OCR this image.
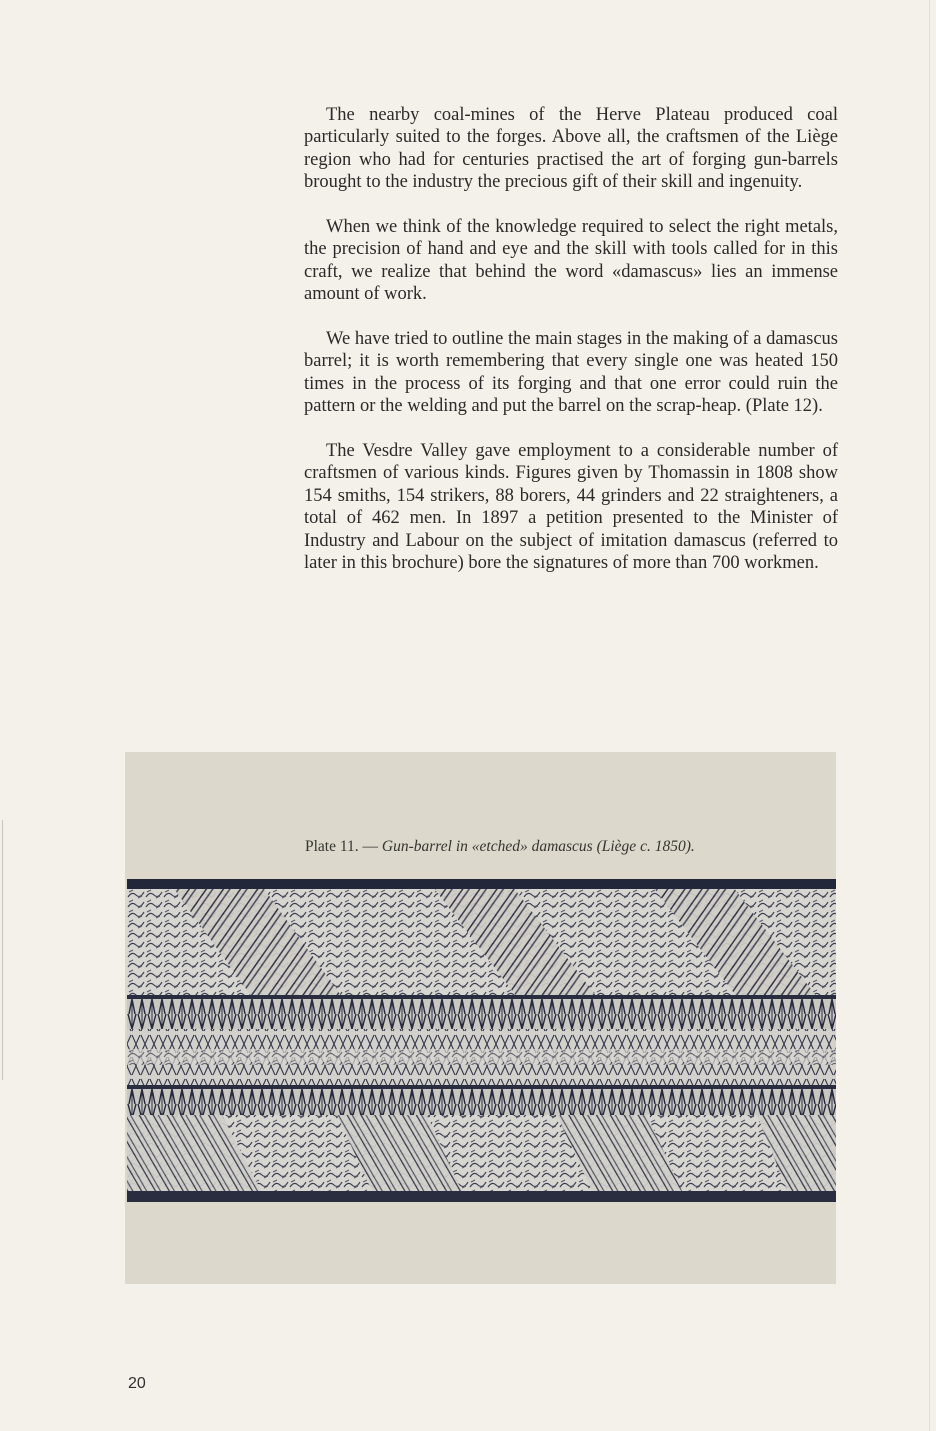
The nearby coal-mines of the Herve Plateau produced coal particularly suited to the forges. Above all, the craftsmen of the Liège region who had for centuries practised the art of forging gun-barrels brought to the industry the precious gift of their skill and ingenuity.

When we think of the knowledge required to select the right metals, the precision of hand and eye and the skill with tools called for in this craft, we realize that behind the word «damascus» lies an immense amount of work.

We have tried to outline the main stages in the making of a damascus barrel; it is worth remembering that every single one was heated 150 times in the process of its forging and that one error could ruin the pattern or the welding and put the barrel on the scrap-heap. (Plate 12).

The Vesdre Valley gave employment to a considerable number of craftsmen of various kinds. Figures given by Thomassin in 1808 show 154 smiths, 154 strikers, 88 borers, 44 grinders and 22 straighteners, a total of 462 men. In 1897 a petition presented to the Minister of Industry and Labour on the subject of imitation damascus (referred to later in this brochure) bore the signatures of more than 700 workmen.

Plate 11. — Gun-barrel in «etched» damascus (Liège c. 1850).
20
